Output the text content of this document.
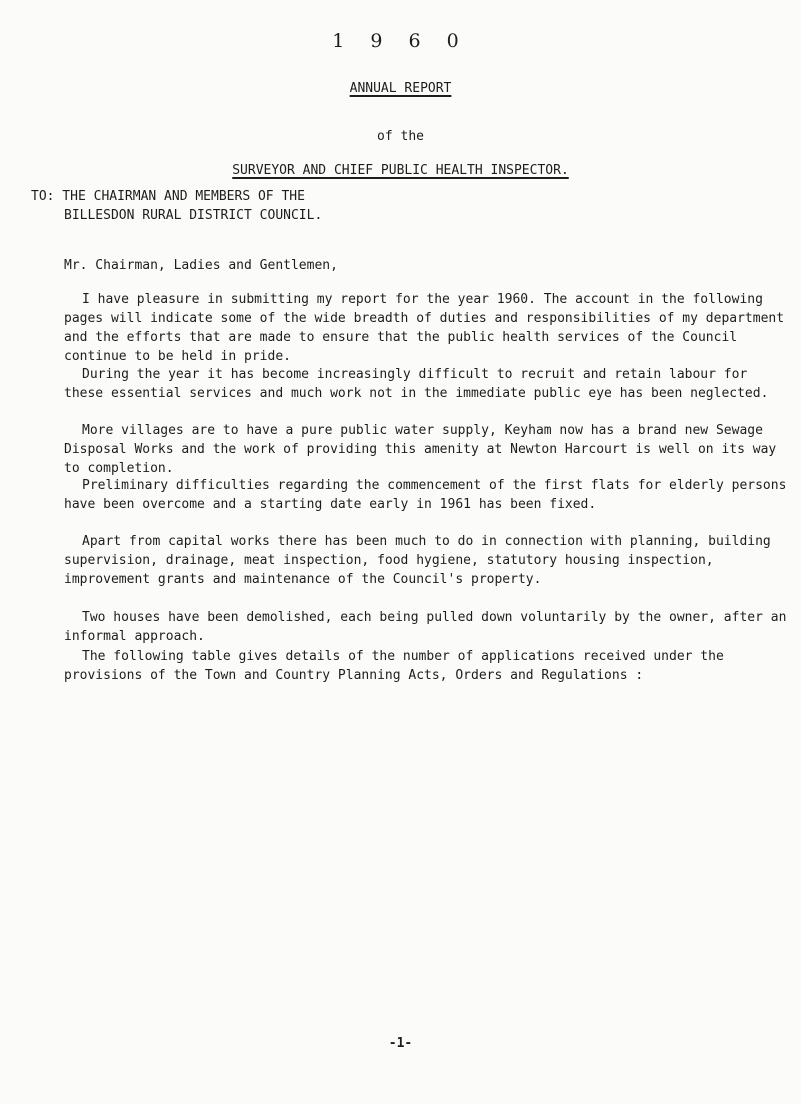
1 9 6 0
ANNUAL REPORT
of the
SURVEYOR AND CHIEF PUBLIC HEALTH INSPECTOR.
TO: THE CHAIRMAN AND MEMBERS OF THE
BILLESDON RURAL DISTRICT COUNCIL.
Mr. Chairman, Ladies and Gentlemen,

I have pleasure in submitting my report for the year 1960. The account in the following pages will indicate some of the wide breadth of duties and responsibilities of my department and the efforts that are made to ensure that the public health services of the Council continue to be held in pride.

During the year it has become increasingly difficult to recruit and retain labour for these essential services and much work not in the immediate public eye has been neglected.

More villages are to have a pure public water supply, Keyham now has a brand new Sewage Disposal Works and the work of providing this amenity at Newton Harcourt is well on its way to completion.

Preliminary difficulties regarding the commencement of the first flats for elderly persons have been overcome and a starting date early in 1961 has been fixed.

Apart from capital works there has been much to do in connection with planning, building supervision, drainage, meat inspection, food hygiene, statutory housing inspection, improvement grants and maintenance of the Council's property.

Two houses have been demolished, each being pulled down voluntarily by the owner, after an informal approach.

The following table gives details of the number of applications received under the provisions of the Town and Country Planning Acts, Orders and Regulations :

-1-
